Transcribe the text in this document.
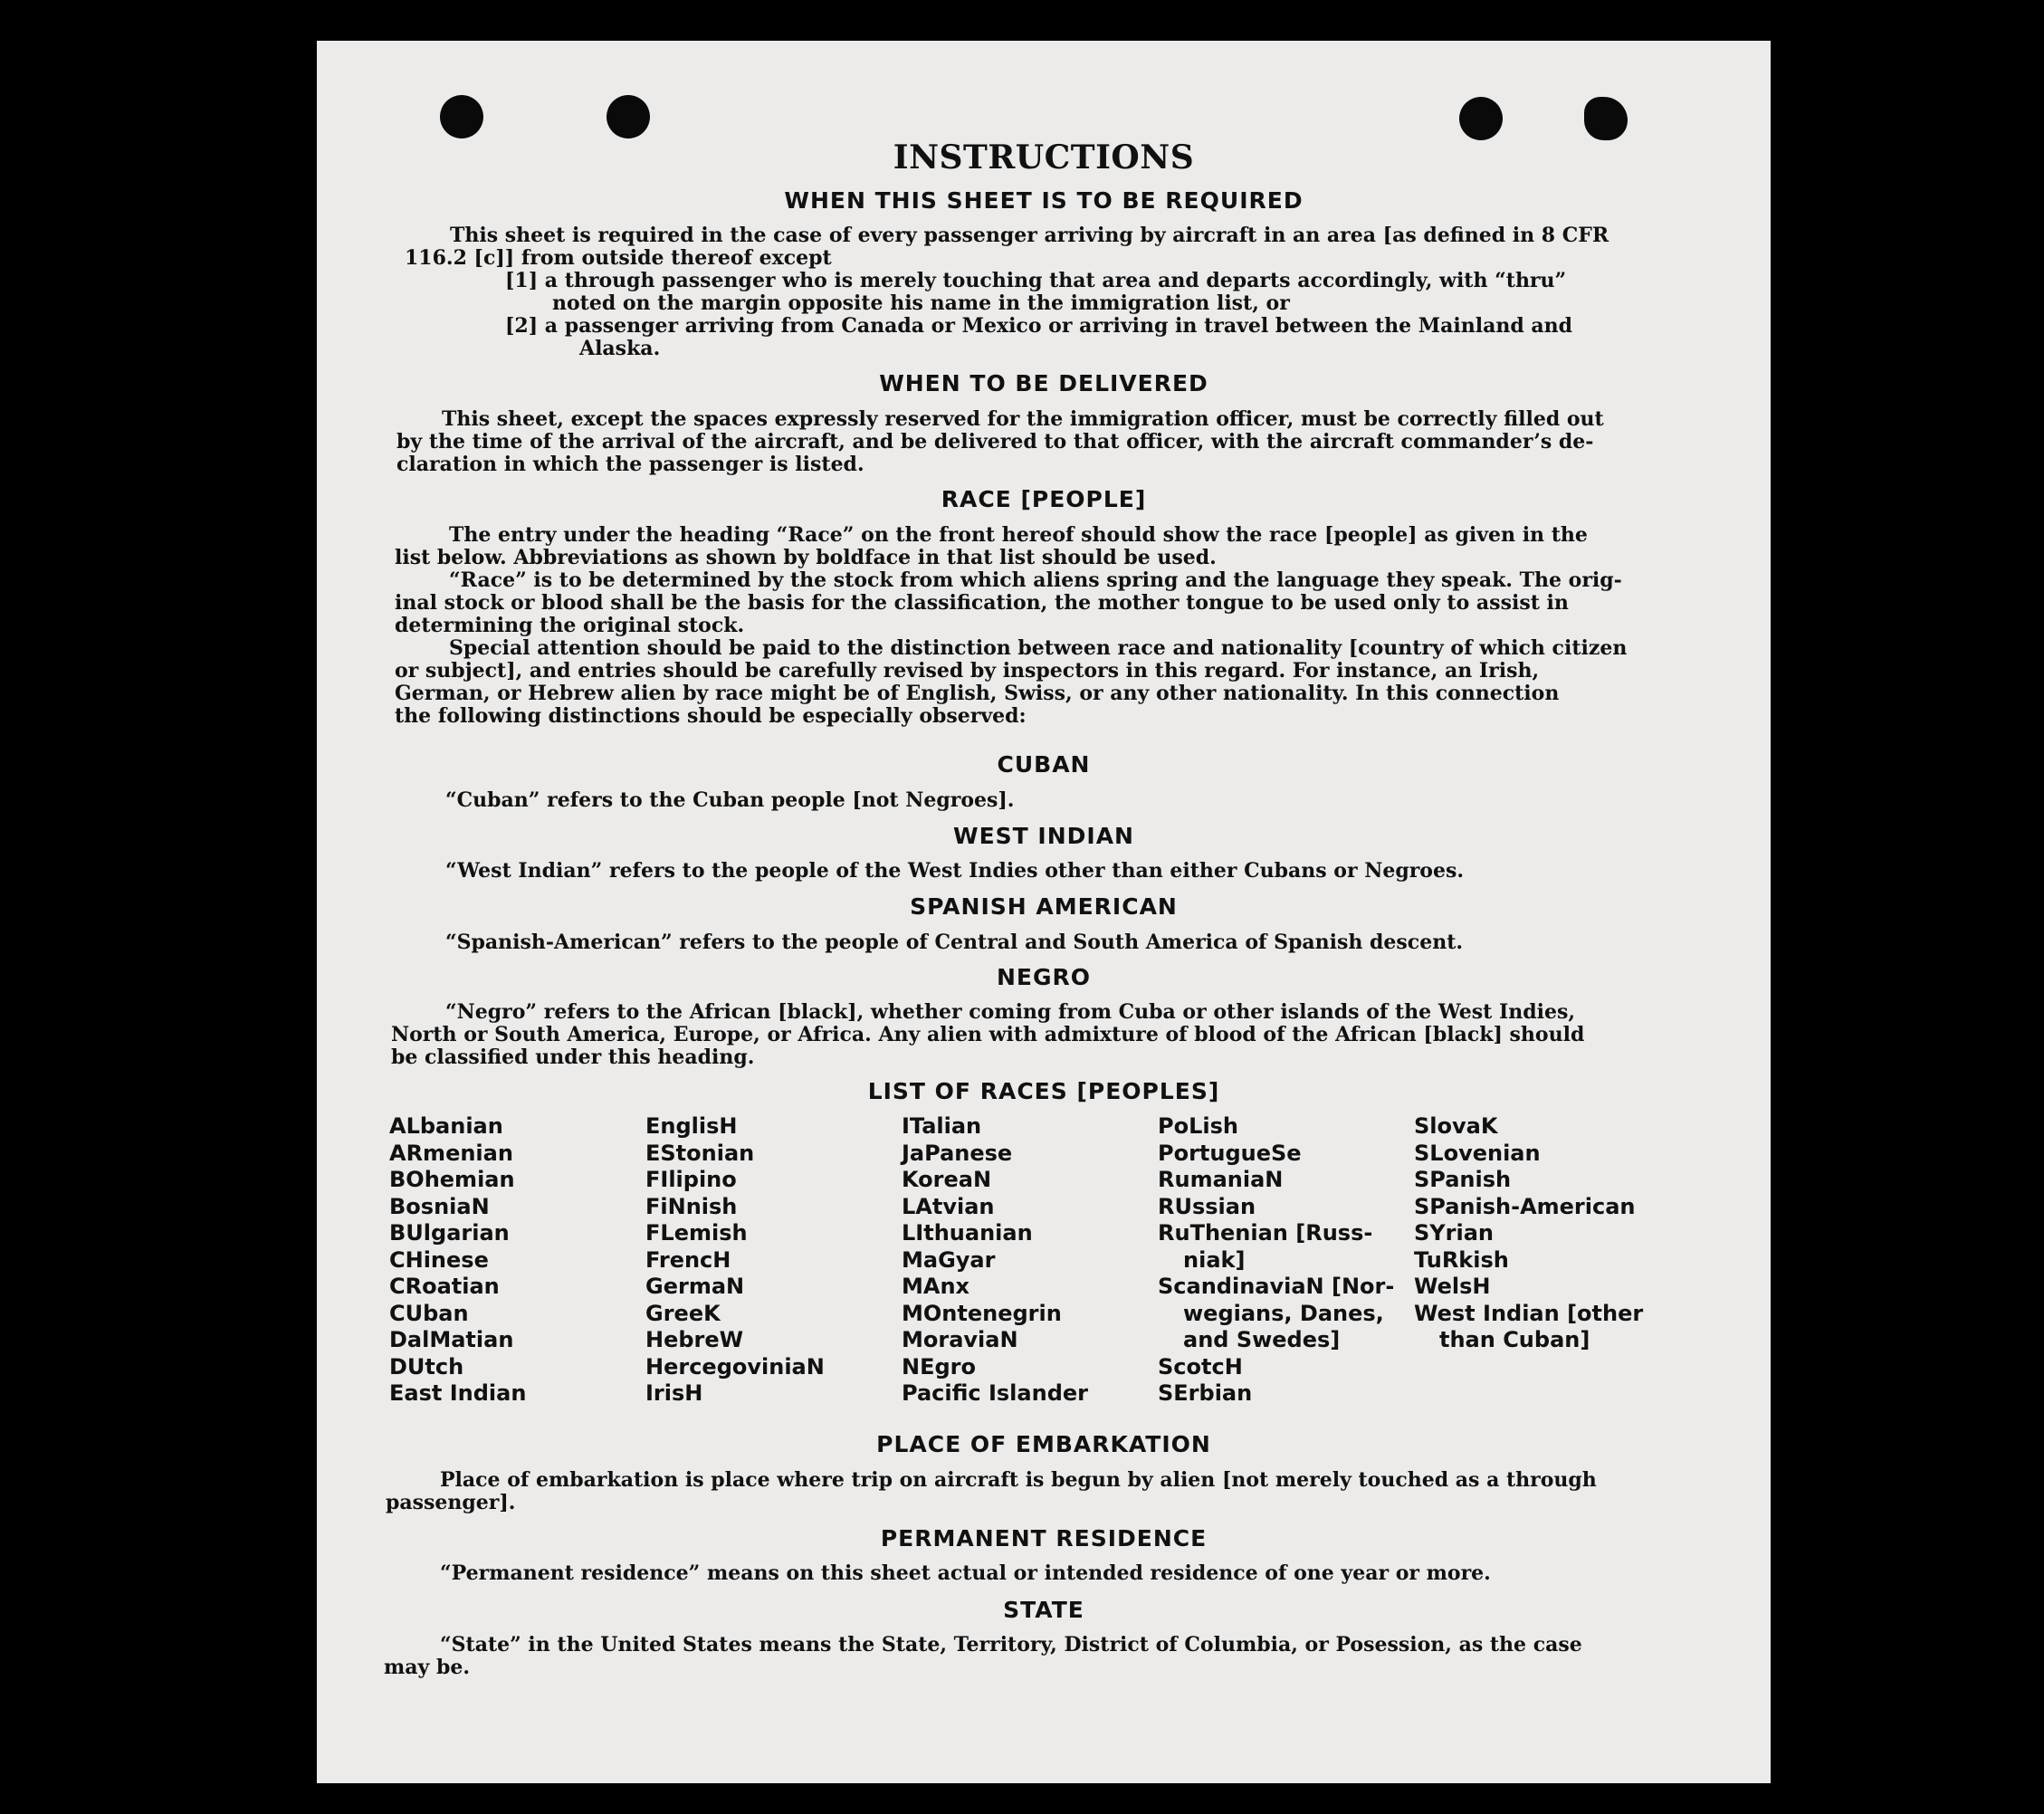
INSTRUCTIONS
WHEN THIS SHEET IS TO BE REQUIRED
This sheet is required in the case of every passenger arriving by aircraft in an area [as defined in 8 CFR
116.2 [c]] from outside thereof except
[1] a through passenger who is merely touching that area and departs accordingly, with “thru”
noted on the margin opposite his name in the immigration list, or
[2] a passenger arriving from Canada or Mexico or arriving in travel between the Mainland and
Alaska.
WHEN TO BE DELIVERED
This sheet, except the spaces expressly reserved for the immigration officer, must be correctly filled out
by the time of the arrival of the aircraft, and be delivered to that officer, with the aircraft commander’s de-
claration in which the passenger is listed.
RACE [PEOPLE]
The entry under the heading “Race” on the front hereof should show the race [people] as given in the
list below. Abbreviations as shown by boldface in that list should be used.
“Race” is to be determined by the stock from which aliens spring and the language they speak. The orig-
inal stock or blood shall be the basis for the classification, the mother tongue to be used only to assist in
determining the original stock.
Special attention should be paid to the distinction between race and nationality [country of which citizen
or subject], and entries should be carefully revised by inspectors in this regard. For instance, an Irish,
German, or Hebrew alien by race might be of English, Swiss, or any other nationality. In this connection
the following distinctions should be especially observed:
CUBAN
“Cuban” refers to the Cuban people [not Negroes].
WEST INDIAN
“West Indian” refers to the people of the West Indies other than either Cubans or Negroes.
SPANISH AMERICAN
“Spanish-American” refers to the people of Central and South America of Spanish descent.
NEGRO
“Negro” refers to the African [black], whether coming from Cuba or other islands of the West Indies,
North or South America, Europe, or Africa. Any alien with admixture of blood of the African [black] should
be classified under this heading.
LIST OF RACES [PEOPLES]
ALbanian
ARmenian
BOhemian
BosniaN
BUlgarian
CHinese
CRoatian
CUban
DalMatian
DUtch
East Indian
EnglisH
EStonian
FIlipino
FiNnish
FLemish
FrencH
GermaN
GreeK
HebreW
HercegoviniaN
IrisH
ITalian
JaPanese
KoreaN
LAtvian
LIthuanian
MaGyar
MAnx
MOntenegrin
MoraviaN
NEgro
Pacific Islander
PoLish
PortugueSe
RumaniaN
RUssian
RuThenian [Russ-
niak]
ScandinaviaN [Nor-
wegians, Danes,
and Swedes]
ScotcH
SErbian
SlovaK
SLovenian
SPanish
SPanish-American
SYrian
TuRkish
WelsH
West Indian [other
than Cuban]
PLACE OF EMBARKATION
Place of embarkation is place where trip on aircraft is begun by alien [not merely touched as a through
passenger].
PERMANENT RESIDENCE
“Permanent residence” means on this sheet actual or intended residence of one year or more.
STATE
“State” in the United States means the State, Territory, District of Columbia, or Posession, as the case
may be.
